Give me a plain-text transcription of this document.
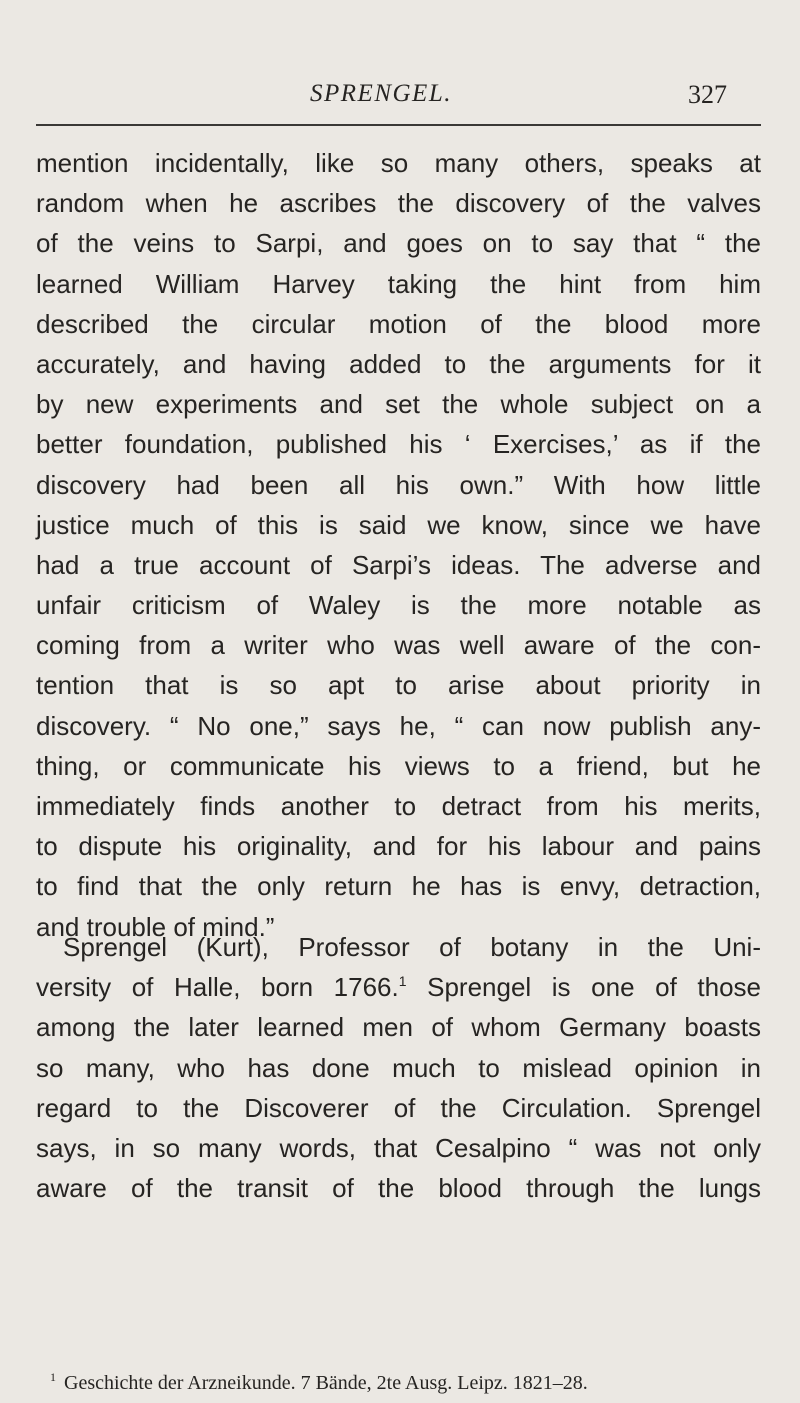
SPRENGEL.	327
mention incidentally, like so many others, speaks at
random when he ascribes the discovery of the valves
of the veins to Sarpi, and goes on to say that “ the
learned William Harvey taking the hint from him
described the circular motion of the blood more
accurately, and having added to the arguments for it
by new experiments and set the whole subject on a
better foundation, published his ‘ Exercises,’ as if the
discovery had been all his own.” With how little
justice much of this is said we know, since we have
had a true account of Sarpi’s ideas. The adverse and
unfair criticism of Waley is the more notable as
coming from a writer who was well aware of the con-
tention that is so apt to arise about priority in
discovery. “ No one,” says he, “ can now publish any-
thing, or communicate his views to a friend, but he
immediately finds another to detract from his merits,
to dispute his originality, and for his labour and pains
to find that the only return he has is envy, detraction,
and trouble of mind.”
Sprengel (Kurt), Professor of botany in the Uni-
versity of Halle, born 1766.$^1$ Sprengel is one of those
among the later learned men of whom Germany boasts
so many, who has done much to mislead opinion in
regard to the Discoverer of the Circulation. Sprengel
says, in so many words, that Cesalpino “ was not only
aware of the transit of the blood through the lungs
$^1$ Geschichte der Arzneikunde. 7 Bände, 2te Ausg. Leipz. 1821–28.
